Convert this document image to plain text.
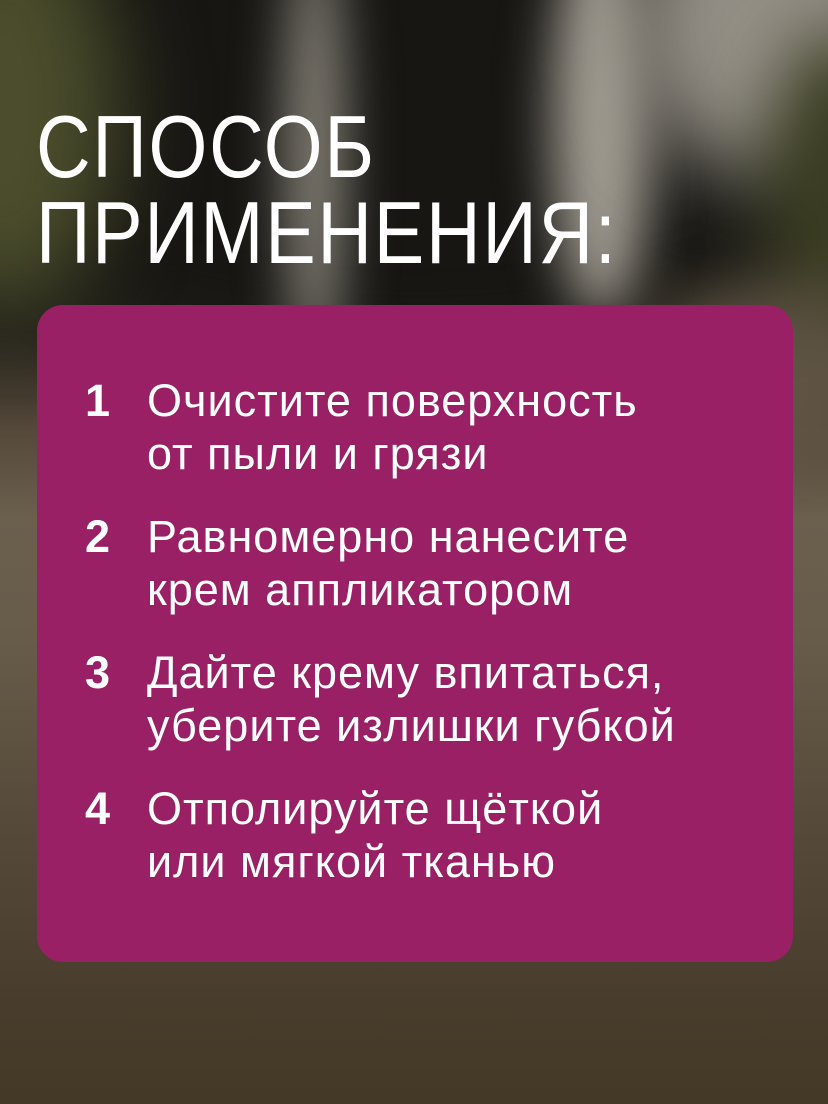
СПОСОБ
ПРИМЕНЕНИЯ:
1 Очистите поверхность
от пыли и грязи
2 Равномерно нанесите
крем аппликатором
3 Дайте крему впитаться,
уберите излишки губкой
4 Отполируйте щёткой
или мягкой тканью
